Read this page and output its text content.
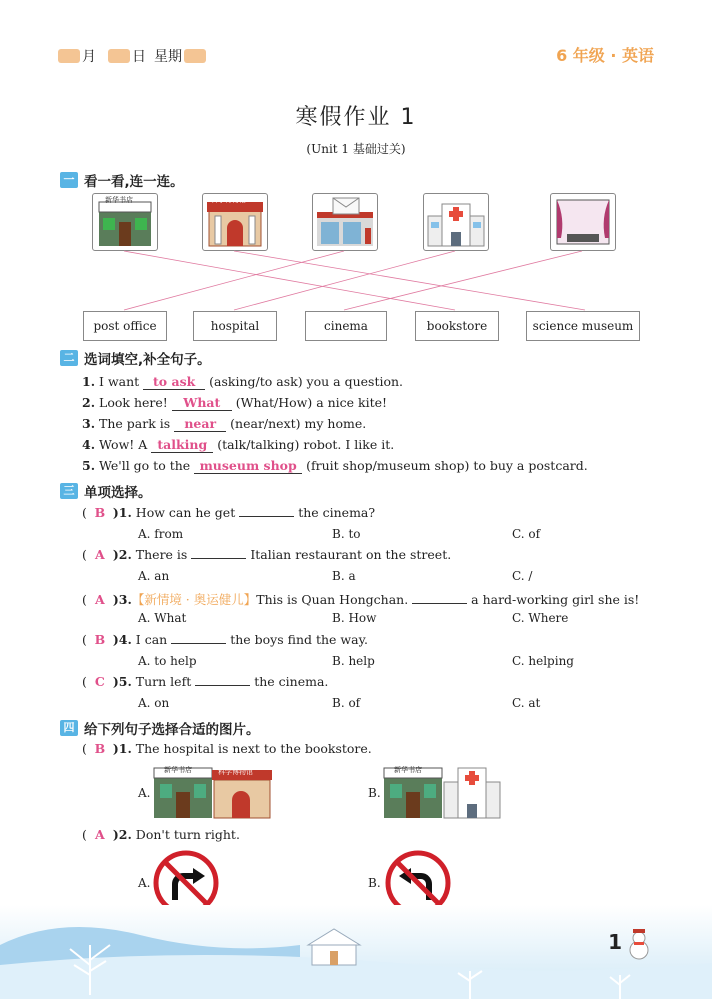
月	日 星期	6 年级 · 英语
寒假作业 1
(Unit 1 基础过关)
一 看一看,连一连。
新华书店	科学博物馆
post office	hospital	cinema	bookstore	science museum
二 选词填空,补全句子。
1. I want to ask (asking/to ask) you a question.
2. Look here! What (What/How) a nice kite!
3. The park is near (near/next) my home.
4. Wow! A talking (talk/talking) robot. I like it.
5. We'll go to the museum shop (fruit shop/museum shop) to buy a postcard.
三 单项选择。
( B )1. How can he get	the cinema?
A. from	B. to	C. of
( A )2. There is	Italian restaurant on the street.
A. an	B. a	C. /
( A )3.【新情境 · 奥运健儿】This is Quan Hongchan.	a hard-working girl she is!
A. What	B. How	C. Where
( B )4. I can	the boys find the way.
A. to help	B. help	C. helping
( C )5. Turn left	the cinema.
A. on	B. of	C. at
四 给下列句子选择合适的图片。
( B )1. The hospital is next to the bookstore.
A.
新华书店	科学博物馆
B.
新华书店
( A )2. Don't turn right.
A.	B.
1
